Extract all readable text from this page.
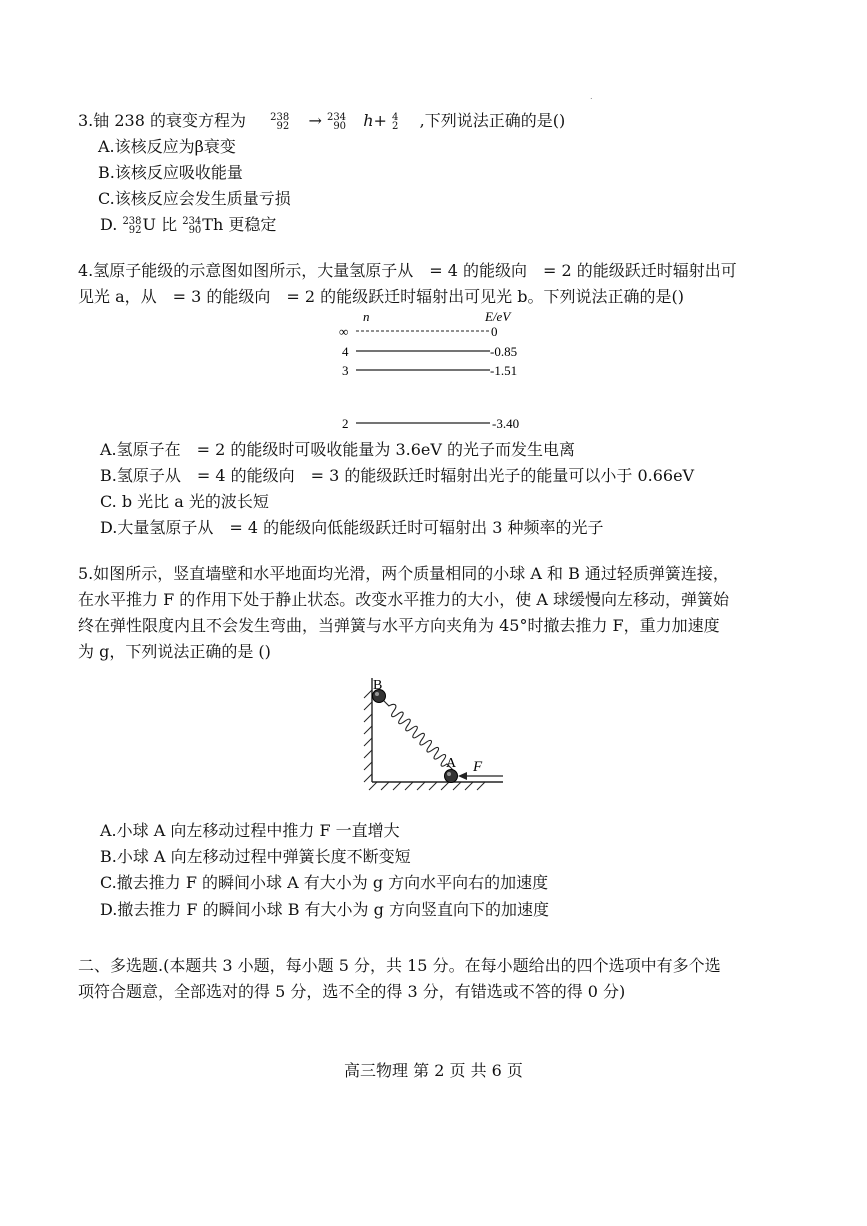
.
3.铀 238 的衰变方程为 238
92 → 234
90 h+ 4
2 ,下列说法正确的是()
A.该核反应为β衰变
B.该核反应吸收能量
C.该核反应会发生质量亏损
D. 238
92 U 比 234
90 Th 更稳定
4.氢原子能级的示意图如图所示，大量氢原子从　= 4 的能级向　= 2 的能级跃迁时辐射出可
见光 a，从　= 3 的能级向　= 2 的能级跃迁时辐射出可见光 b。下列说法正确的是()
n	E/eV
∞	0
4	-0.85
3	-1.51
2	-3.40
A.氢原子在　= 2 的能级时可吸收能量为 3.6eV 的光子而发生电离
B.氢原子从　= 4 的能级向　= 3 的能级跃迁时辐射出光子的能量可以小于 0.66eV
C. b 光比 a 光的波长短
D.大量氢原子从　= 4 的能级向低能级跃迁时可辐射出 3 种频率的光子
5.如图所示，竖直墙壁和水平地面均光滑，两个质量相同的小球 A 和 B 通过轻质弹簧连接，
在水平推力 F 的作用下处于静止状态。改变水平推力的大小，使 A 球缓慢向左移动，弹簧始
终在弹性限度内且不会发生弯曲，当弹簧与水平方向夹角为 45°时撤去推力 F，重力加速度
为 g，下列说法正确的是 ()
B
A F
A.小球 A 向左移动过程中推力 F 一直增大
B.小球 A 向左移动过程中弹簧长度不断变短
C.撤去推力 F 的瞬间小球 A 有大小为 g 方向水平向右的加速度
D.撤去推力 F 的瞬间小球 B 有大小为 g 方向竖直向下的加速度
二、多选题.(本题共 3 小题，每小题 5 分，共 15 分。在每小题给出的四个选项中有多个选
项符合题意，全部选对的得 5 分，选不全的得 3 分，有错选或不答的得 0 分)
高三物理 第 2 页 共 6 页
